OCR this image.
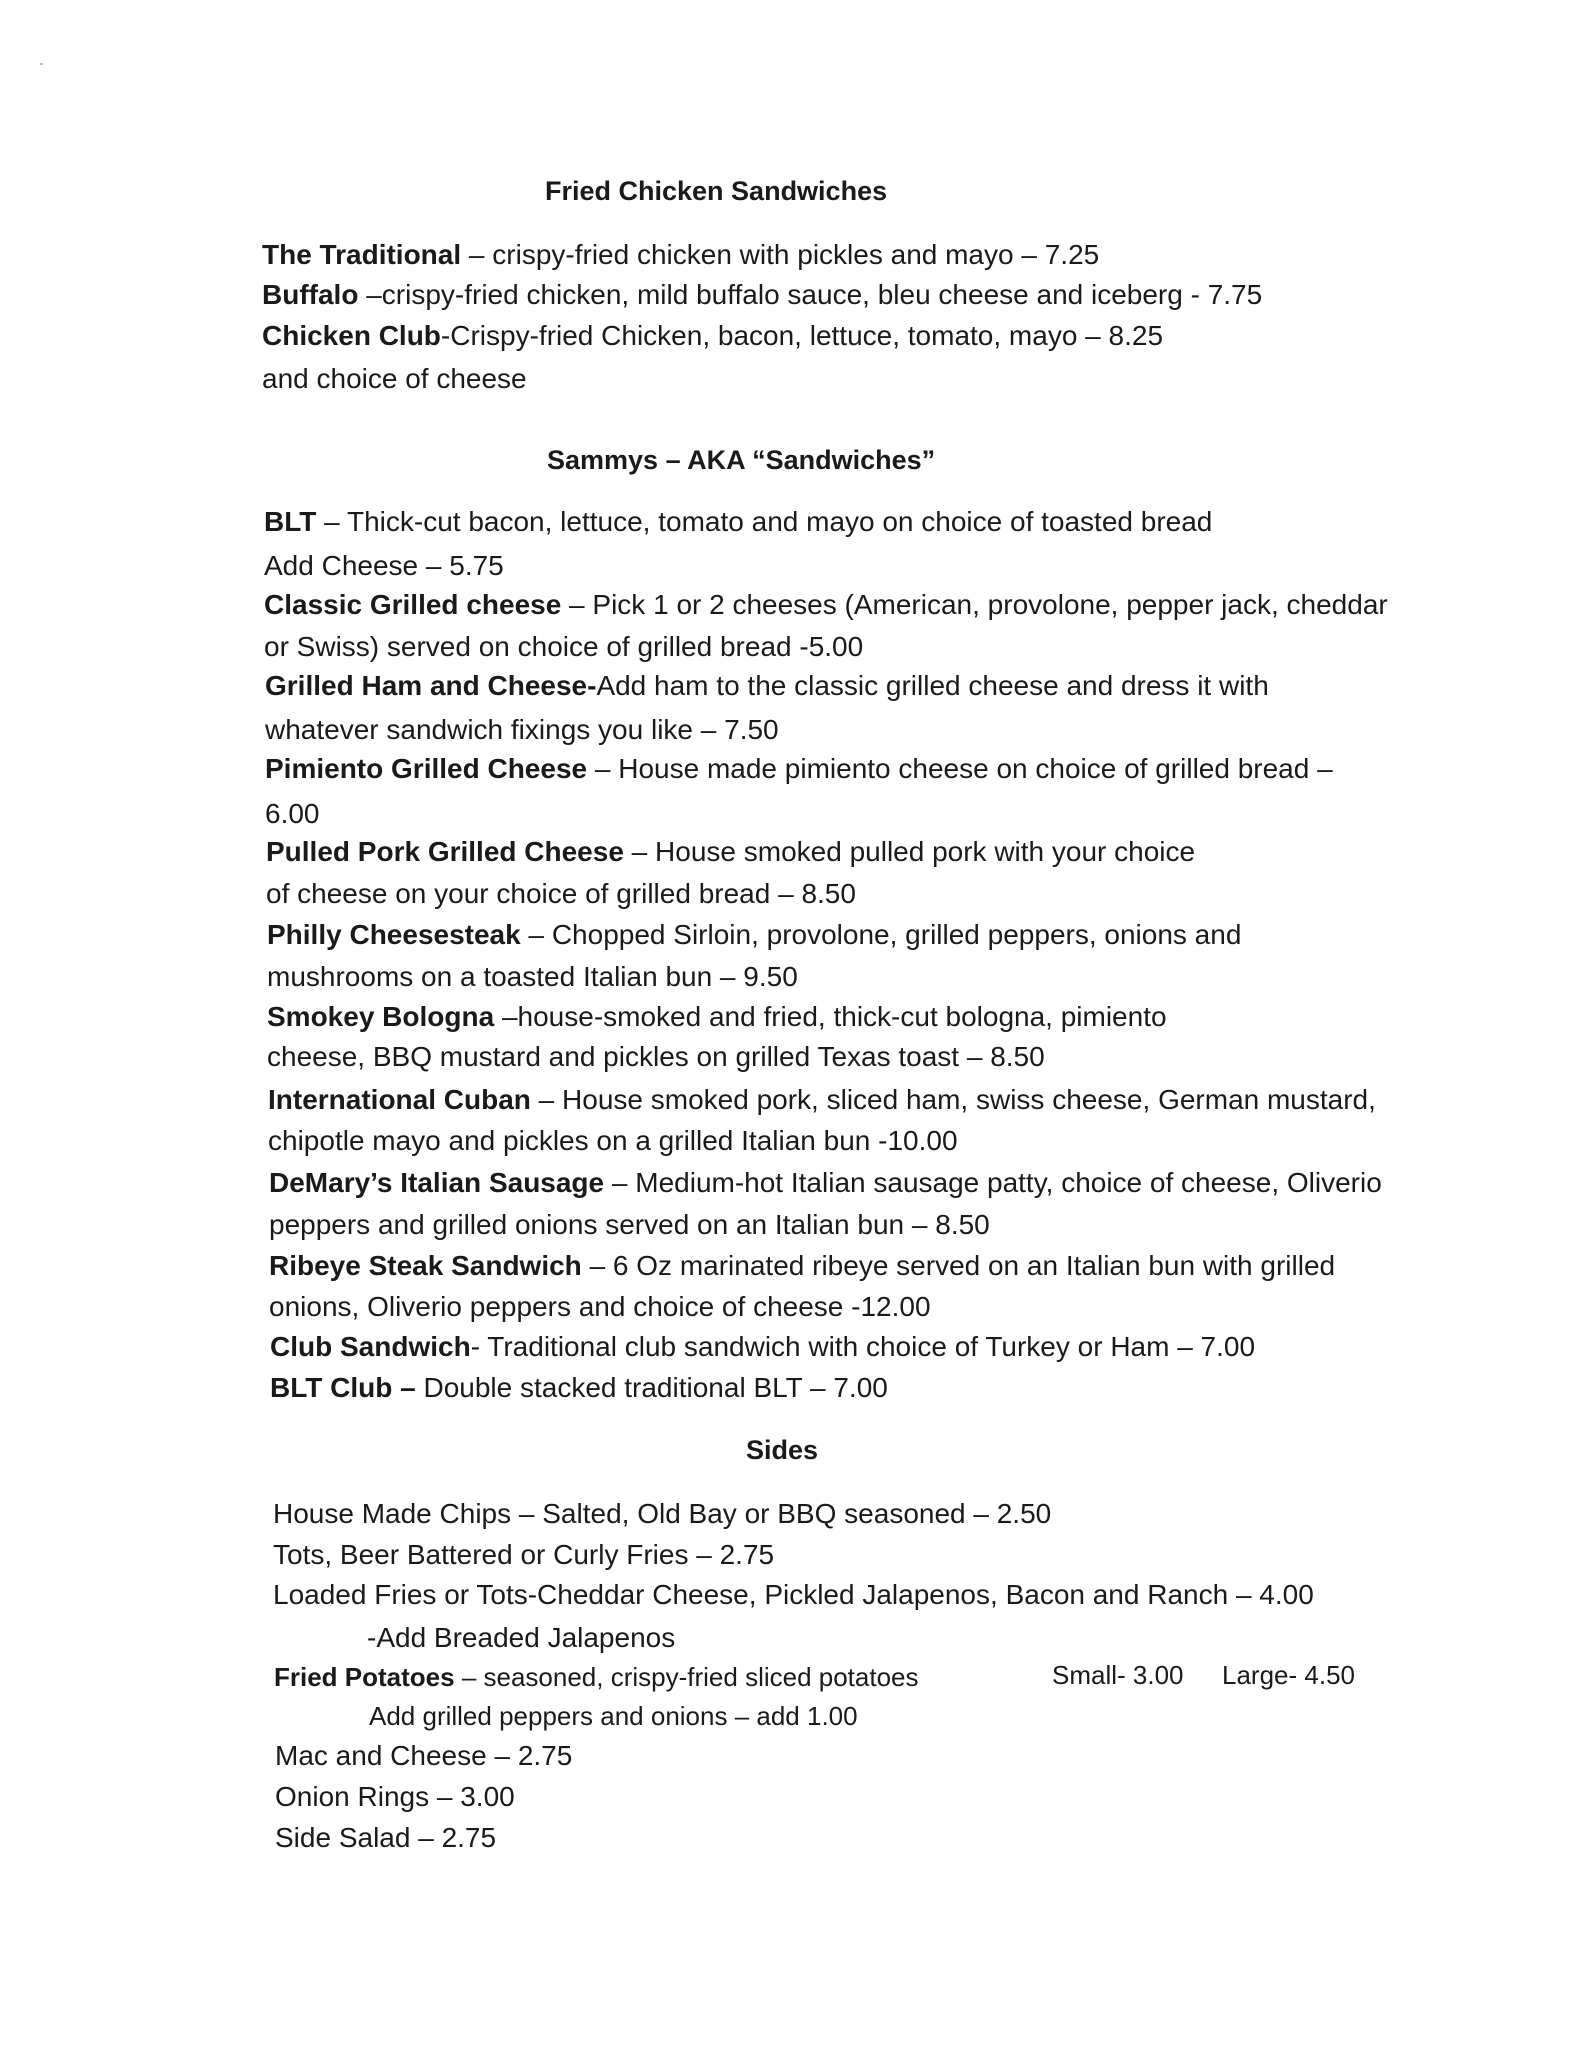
Fried Chicken Sandwiches
The Traditional – crispy-fried chicken with pickles and mayo – 7.25
Buffalo –crispy-fried chicken, mild buffalo sauce, bleu cheese and iceberg - 7.75
Chicken Club-Crispy-fried Chicken, bacon, lettuce, tomato, mayo – 8.25
and choice of cheese
Sammys – AKA “Sandwiches”
BLT – Thick-cut bacon, lettuce, tomato and mayo on choice of toasted bread
Add Cheese – 5.75
Classic Grilled cheese – Pick 1 or 2 cheeses (American, provolone, pepper jack, cheddar
or Swiss) served on choice of grilled bread -5.00
Grilled Ham and Cheese-Add ham to the classic grilled cheese and dress it with
whatever sandwich fixings you like – 7.50
Pimiento Grilled Cheese – House made pimiento cheese on choice of grilled bread –
6.00
Pulled Pork Grilled Cheese – House smoked pulled pork with your choice
of cheese on your choice of grilled bread – 8.50
Philly Cheesesteak – Chopped Sirloin, provolone, grilled peppers, onions and
mushrooms on a toasted Italian bun – 9.50
Smokey Bologna –house-smoked and fried, thick-cut bologna, pimiento
cheese, BBQ mustard and pickles on grilled Texas toast – 8.50
International Cuban – House smoked pork, sliced ham, swiss cheese, German mustard,
chipotle mayo and pickles on a grilled Italian bun -10.00
DeMary’s Italian Sausage – Medium-hot Italian sausage patty, choice of cheese, Oliverio
peppers and grilled onions served on an Italian bun – 8.50
Ribeye Steak Sandwich – 6 Oz marinated ribeye served on an Italian bun with grilled
onions, Oliverio peppers and choice of cheese -12.00
Club Sandwich- Traditional club sandwich with choice of Turkey or Ham – 7.00
BLT Club – Double stacked traditional BLT – 7.00
Sides
House Made Chips – Salted, Old Bay or BBQ seasoned – 2.50
Tots, Beer Battered or Curly Fries – 2.75
Loaded Fries or Tots-Cheddar Cheese, Pickled Jalapenos, Bacon and Ranch – 4.00
-Add Breaded Jalapenos
Fried Potatoes – seasoned, crispy-fried sliced potatoes	Small- 3.00 Large- 4.50
Add grilled peppers and onions – add 1.00
Mac and Cheese – 2.75
Onion Rings – 3.00
Side Salad – 2.75
